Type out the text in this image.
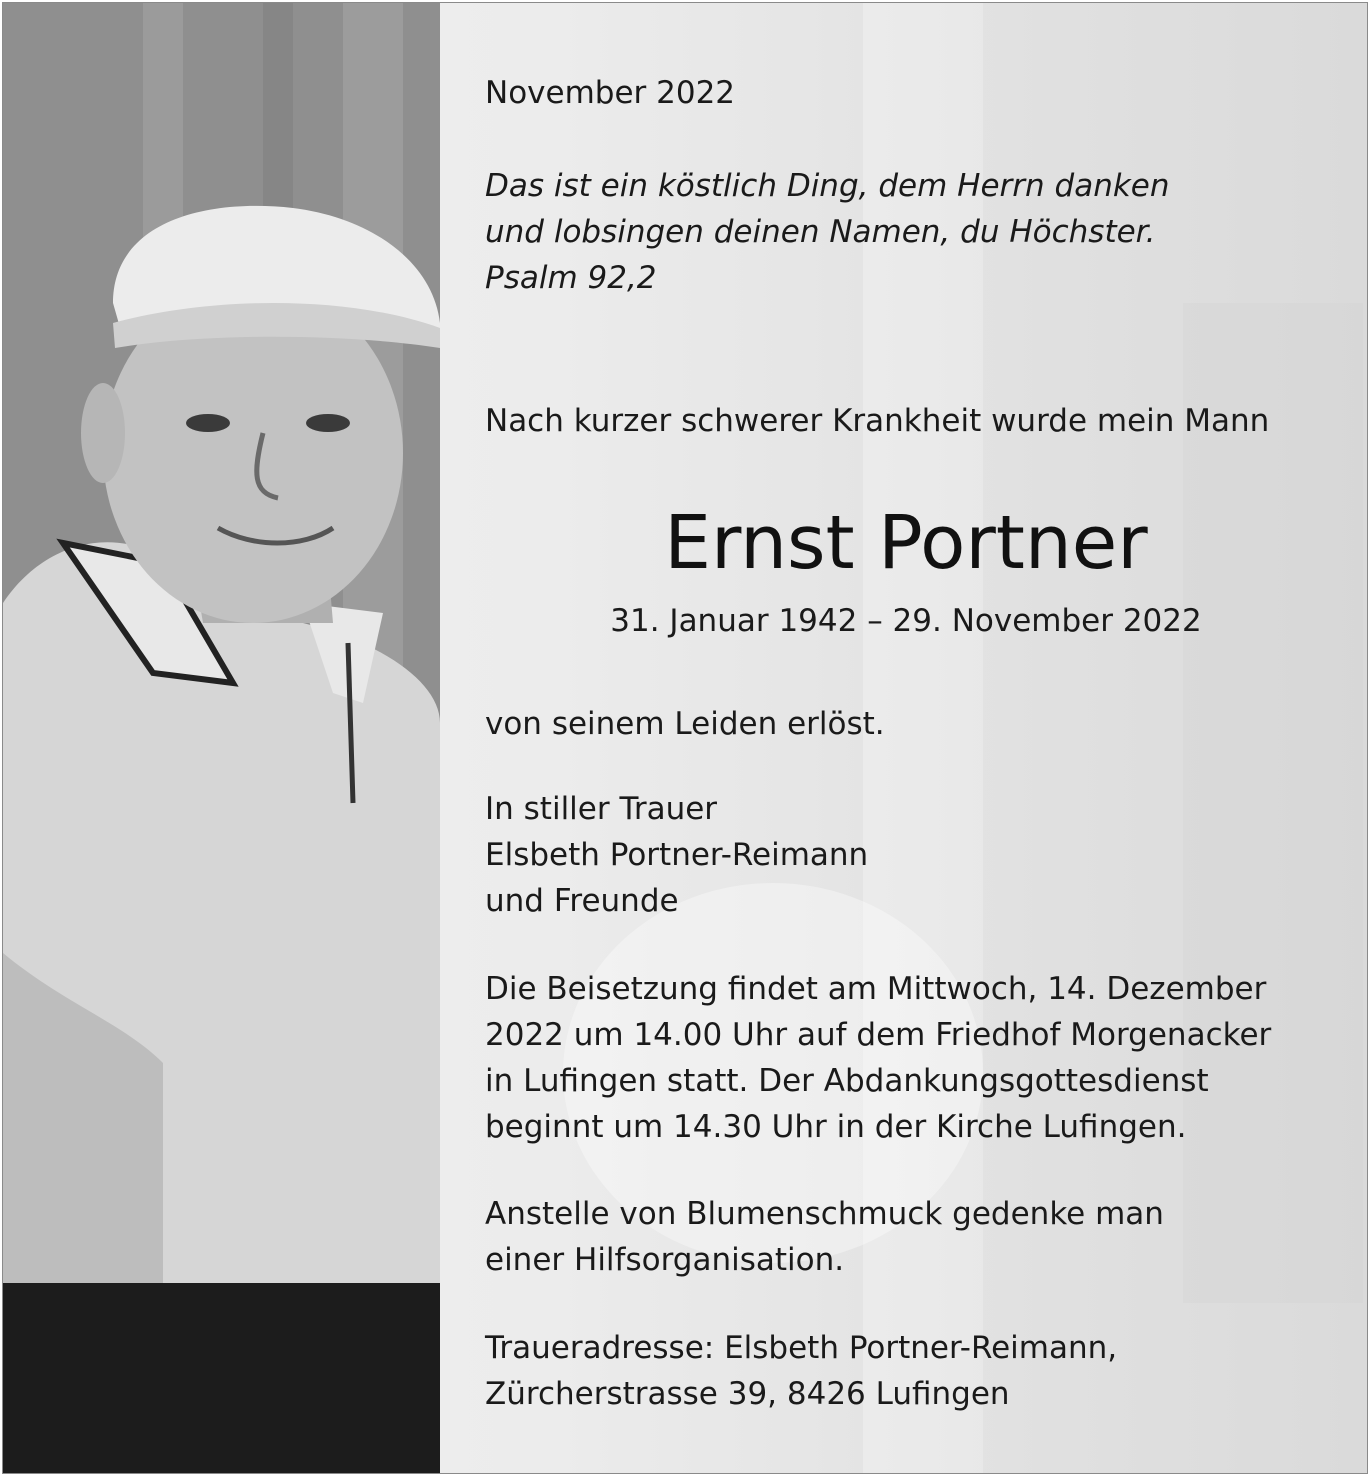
November 2022

Das ist ein köstlich Ding, dem Herrn danken
und lobsingen deinen Namen, du Höchster.
Psalm 92,2

Nach kurzer schwerer Krankheit wurde mein Mann

Ernst Portner
31. Januar 1942 – 29. November 2022

von seinem Leiden erlöst.

In stiller Trauer
Elsbeth Portner-Reimann
und Freunde
Die Beisetzung findet am Mittwoch, 14. Dezember
2022 um 14.00 Uhr auf dem Friedhof Morgenacker
in Lufingen statt. Der Abdankungsgottesdienst
beginnt um 14.30 Uhr in der Kirche Lufingen.
Anstelle von Blumenschmuck gedenke man
einer Hilfsorganisation.
Traueradresse: Elsbeth Portner-Reimann,
Zürcherstrasse 39, 8426 Lufingen
